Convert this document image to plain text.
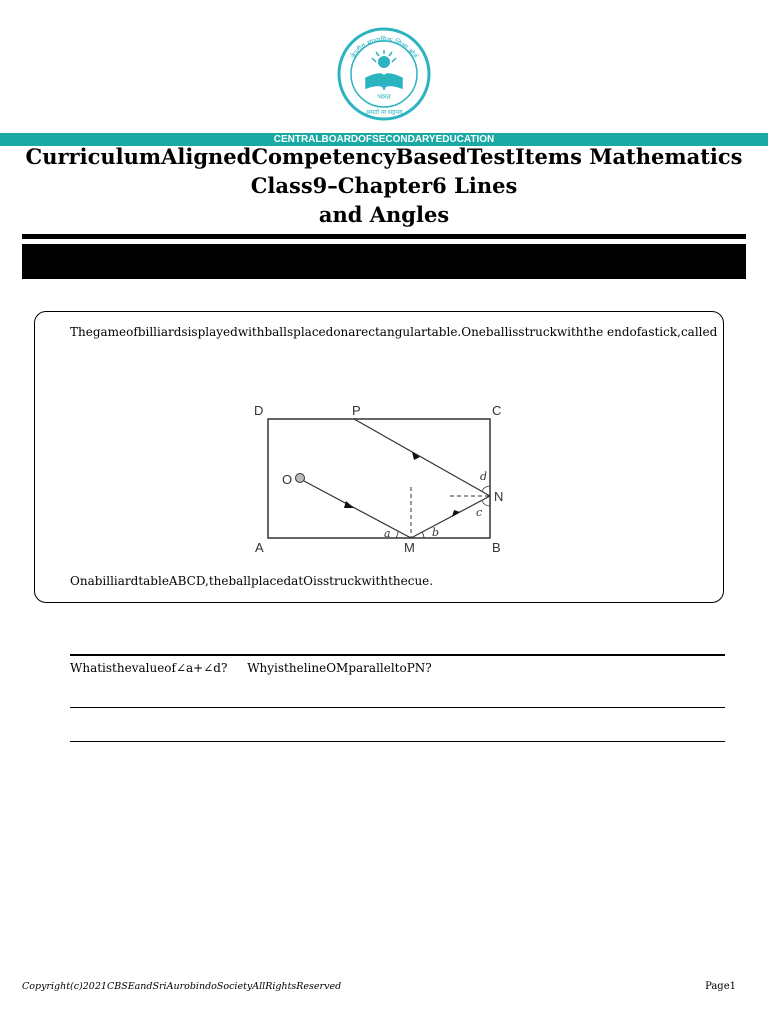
केन्द्रीय माध्यमिक शिक्षा बोर्ड
भारत
असतो मा सद्गमय
CENTRALBOARDOFSECONDARYEDUCATION
CurriculumAlignedCompetencyBasedTestItems Mathematics
Class9–Chapter6 Lines
and Angles
Thegameofbilliardsisplayedwithballsplacedonarectangulartable.Oneballisstruckwiththe endofastick,called
D	P	C
O
N
A	M	B
a	b
c
d
OnabilliardtableABCD,theballplacedatOisstruckwiththecue.
Whatisthevalueof∠a+∠d? WhyisthelineOMparalleltoPN?
Copyright(c)2021CBSEandSriAurobindoSocietyAllRightsReserved	Page1
